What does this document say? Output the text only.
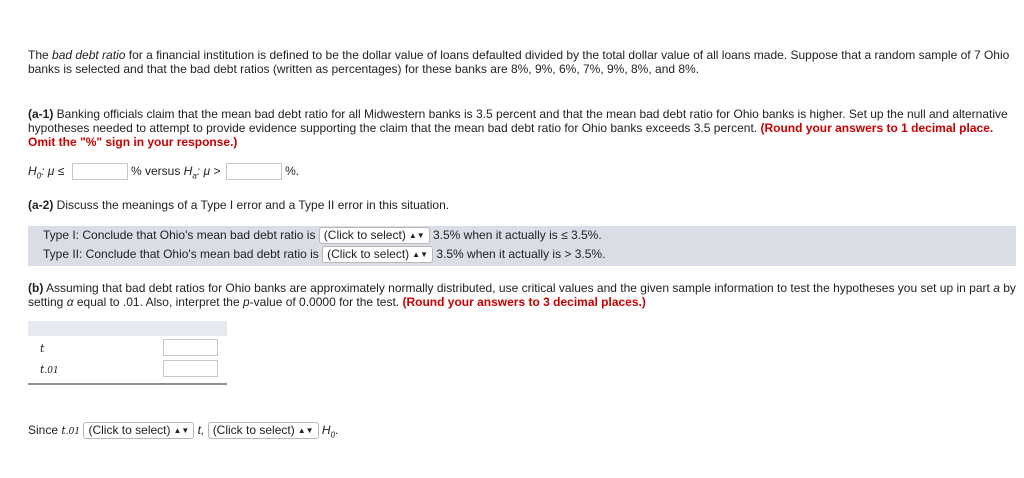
The bad debt ratio for a financial institution is defined to be the dollar value of loans defaulted divided by the total dollar value of all loans made. Suppose that a random sample of 7 Ohio banks is selected and that the bad debt ratios (written as percentages) for these banks are 8%, 9%, 6%, 7%, 9%, 8%, and 8%.

(a-1) Banking officials claim that the mean bad debt ratio for all Midwestern banks is 3.5 percent and that the mean bad debt ratio for Ohio banks is higher. Set up the null and alternative hypotheses needed to attempt to provide evidence supporting the claim that the mean bad debt ratio for Ohio banks exceeds 3.5 percent. (Round your answers to 1 decimal place. Omit the "%" sign in your response.)

$H_0$: μ ≤	% versus $H_a$: μ >	%.

(a-2) Discuss the meanings of a Type I error and a Type II error in this situation.

Type I: Conclude that Ohio's mean bad debt ratio is (Click to select) ▲▼ 3.5% when it actually is ≤ 3.5%.
Type II: Conclude that Ohio's mean bad debt ratio is (Click to select) ▲▼ 3.5% when it actually is > 3.5%.

(b) Assuming that bad debt ratios for Ohio banks are approximately normally distributed, use critical values and the given sample information to test the hypotheses you set up in part a by setting α equal to .01. Also, interpret the p-value of 0.0000 for the test. (Round your answers to 3 decimal places.)

t
t.01
Since t.01 (Click to select) ▲▼ t, (Click to select) ▲▼ $H_0$.
